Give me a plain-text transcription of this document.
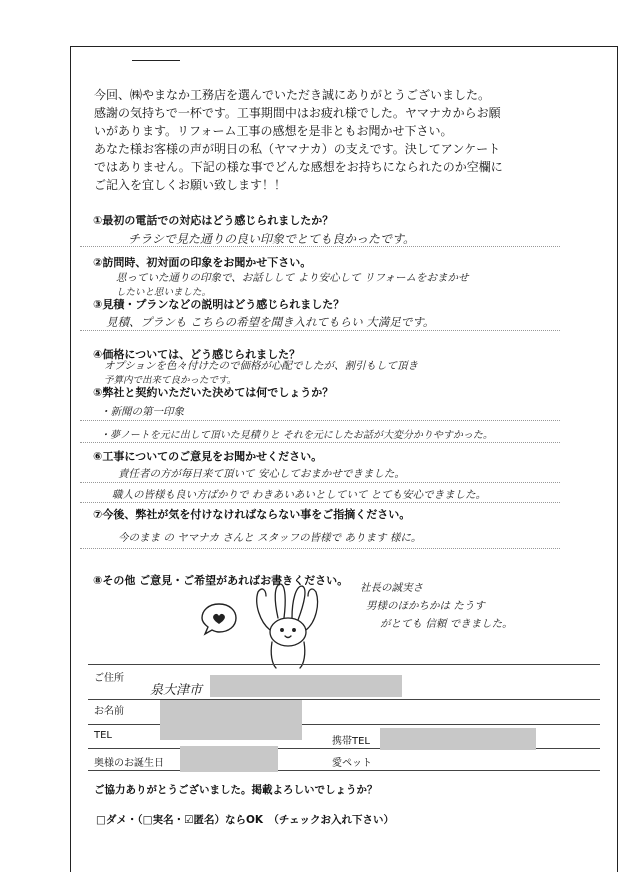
今回、㈱やまなか工務店を選んでいただき誠にありがとうございました。
感謝の気持ちで一杯です。工事期間中はお疲れ様でした。ヤマナカからお願
いがあります。リフォーム工事の感想を是非ともお聞かせ下さい。
あなた様お客様の声が明日の私（ヤマナカ）の支えです。決してアンケート
ではありません。下記の様な事でどんな感想をお持ちになられたのか空欄に
ご記入を宜しくお願い致します！！
①最初の電話での対応はどう感じられましたか？
チラシで見た通りの良い印象でとても良かったです。
②訪問時、初対面の印象をお聞かせ下さい。
思っていた通りの印象で、お話しして より安心して リフォームをおまかせ
したいと思いました。
③見積・プランなどの説明はどう感じられました？
見積、プランも こちらの希望を聞き入れてもらい 大満足です。
④価格については、どう感じられました？
オプションを色々付けたので価格が心配でしたが、割引もして頂き
予算内で出来て良かったです。
⑤弊社と契約いただいた決めては何でしょうか？
・新聞の第一印象
・夢ノートを元に出して頂いた見積りと それを元にしたお話が大変分かりやすかった。
⑥工事についてのご意見をお聞かせください。
責任者の方が毎日来て頂いて 安心しておまかせできました。
職人の皆様も良い方ばかりで わきあいあいとしていて とても安心できました。
⑦今後、弊社が気を付けなければならない事をご指摘ください。
今のまま の ヤマナカ さんと スタッフの皆様で あります 様に。
⑧その他 ご意見・ご希望があればお書きください。
社長の誠実さ
男様のほかちかは たうす
がとても 信頼 できました。
ご住所
泉大津市
お名前
TEL
携帯TEL
奥様のお誕生日	愛ペット
ご協力ありがとうございました。掲載よろしいでしょうか？
□ダメ・（□実名・☑匿名）ならOK　（チェックお入れ下さい）
